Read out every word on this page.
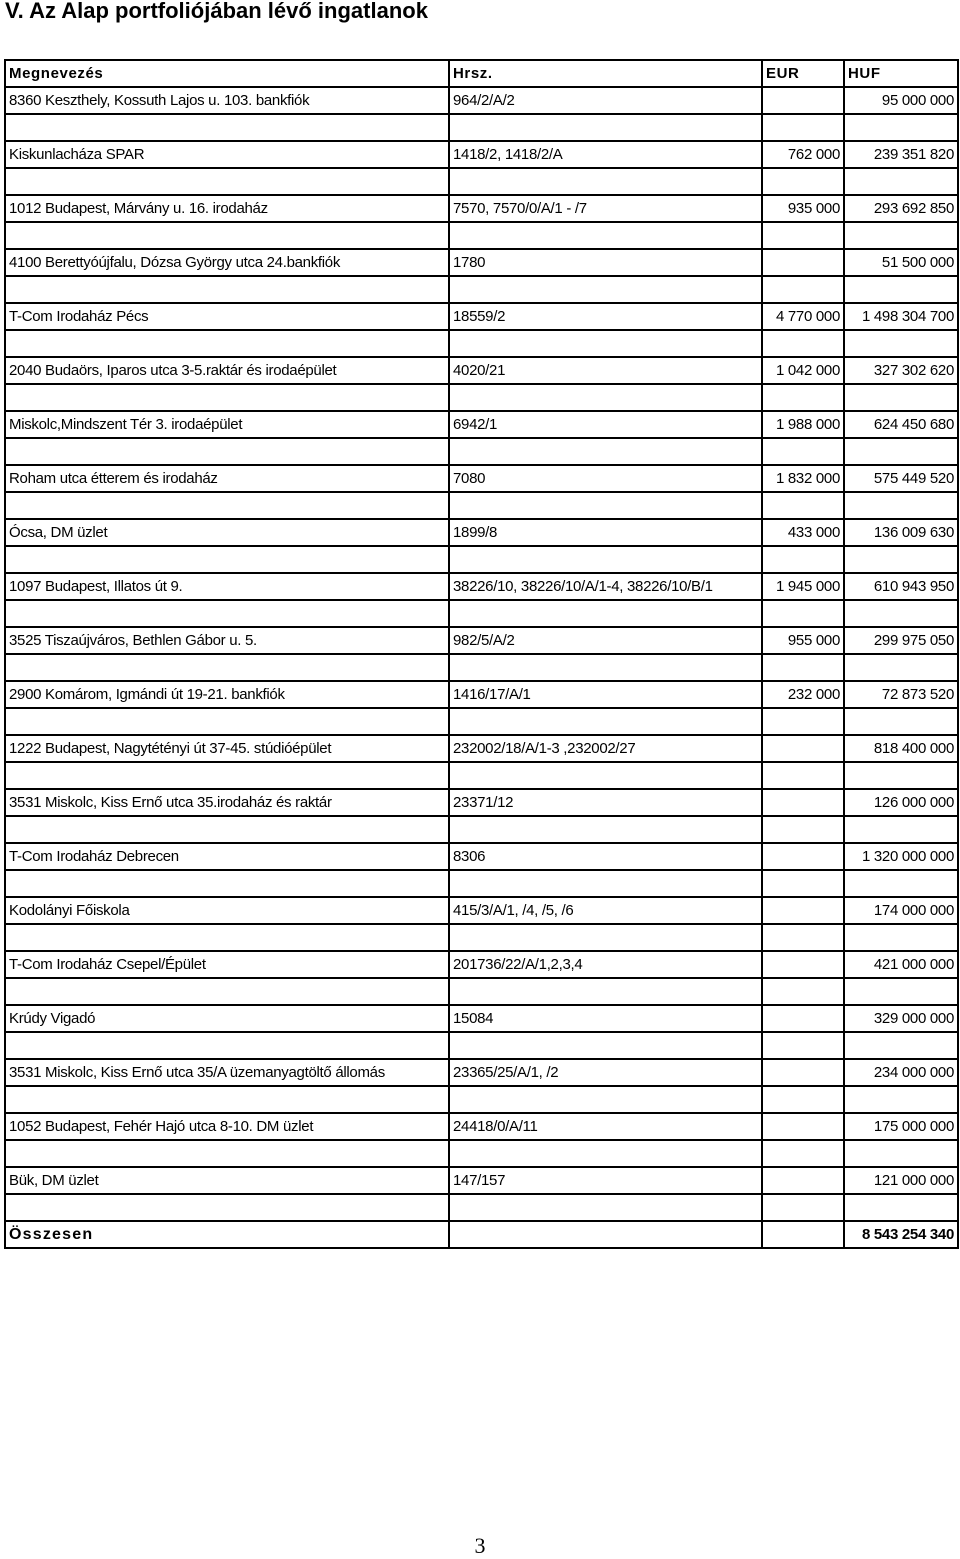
V. Az Alap portfoliójában lévő ingatlanok
Megnevezés	Hrsz.	EUR	HUF
8360 Keszthely, Kossuth Lajos u. 103. bankfiók	964/2/A/2		95 000 000

Kiskunlacháza SPAR	1418/2, 1418/2/A	762 000	239 351 820

1012 Budapest, Márvány u. 16. irodaház	7570, 7570/0/A/1 - /7	935 000	293 692 850

4100 Berettyóújfalu, Dózsa György utca 24.bankfiók	1780		51 500 000

T-Com Irodaház Pécs	18559/2	4 770 000	1 498 304 700

2040 Budaörs, Iparos utca 3-5.raktár és irodaépület	4020/21	1 042 000	327 302 620

Miskolc,Mindszent Tér 3. irodaépület	6942/1	1 988 000	624 450 680

Roham utca étterem és irodaház	7080	1 832 000	575 449 520

Ócsa, DM üzlet	1899/8	433 000	136 009 630

1097 Budapest, Illatos út 9.	38226/10, 38226/10/A/1-4, 38226/10/B/1	1 945 000	610 943 950

3525 Tiszaújváros, Bethlen Gábor u. 5.	982/5/A/2	955 000	299 975 050

2900 Komárom, Igmándi út 19-21. bankfiók	1416/17/A/1	232 000	72 873 520

1222 Budapest, Nagytétényi út 37-45. stúdióépület	232002/18/A/1-3 ,232002/27		818 400 000

3531 Miskolc, Kiss Ernő utca 35.irodaház és raktár	23371/12		126 000 000

T-Com Irodaház Debrecen	8306		1 320 000 000

Kodolányi Főiskola	415/3/A/1, /4, /5, /6		174 000 000

T-Com Irodaház Csepel/Épület	201736/22/A/1,2,3,4		421 000 000

Krúdy Vigadó	15084		329 000 000

3531 Miskolc, Kiss Ernő utca 35/A üzemanyagtöltő állomás	23365/25/A/1, /2		234 000 000

1052 Budapest, Fehér Hajó utca 8-10. DM üzlet	24418/0/A/11		175 000 000

Bük, DM üzlet	147/157		121 000 000

Összesen			8 543 254 340
3
